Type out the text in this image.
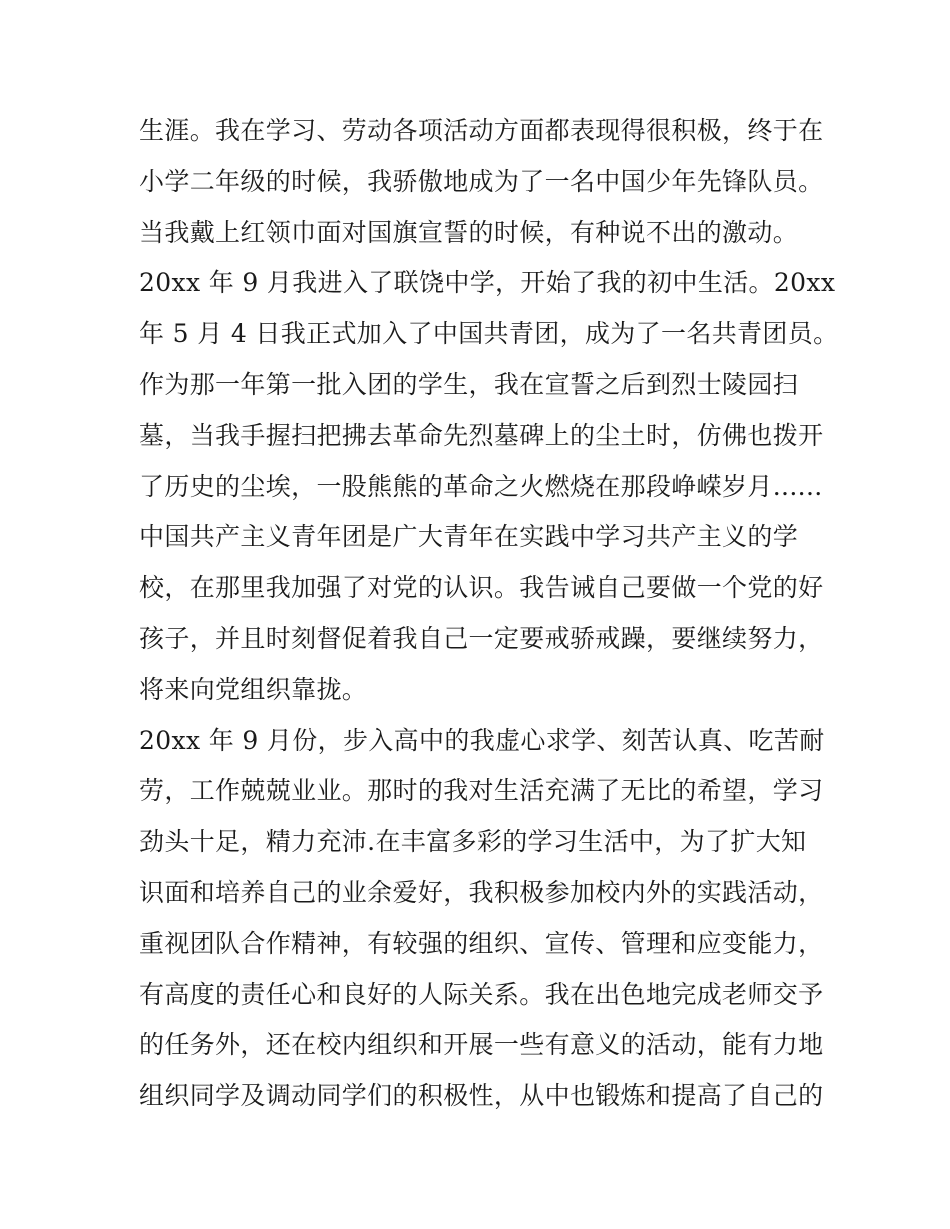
生涯。我在学习、劳动各项活动方面都表现得很积极，终于在
小学二年级的时候，我骄傲地成为了一名中国少年先锋队员。
当我戴上红领巾面对国旗宣誓的时候，有种说不出的激动。
20xx 年 9 月我进入了联饶中学，开始了我的初中生活。20xx
年 5 月 4 日我正式加入了中国共青团，成为了一名共青团员。
作为那一年第一批入团的学生，我在宣誓之后到烈士陵园扫
墓，当我手握扫把拂去革命先烈墓碑上的尘土时，仿佛也拨开
了历史的尘埃，一股熊熊的革命之火燃烧在那段峥嵘岁月......
中国共产主义青年团是广大青年在实践中学习共产主义的学
校，在那里我加强了对党的认识。我告诫自己要做一个党的好
孩子，并且时刻督促着我自己一定要戒骄戒躁，要继续努力，
将来向党组织靠拢。
20xx 年 9 月份，步入高中的我虚心求学、刻苦认真、吃苦耐
劳，工作兢兢业业。那时的我对生活充满了无比的希望，学习
劲头十足，精力充沛.在丰富多彩的学习生活中，为了扩大知
识面和培养自己的业余爱好，我积极参加校内外的实践活动，
重视团队合作精神，有较强的组织、宣传、管理和应变能力，
有高度的责任心和良好的人际关系。我在出色地完成老师交予
的任务外，还在校内组织和开展一些有意义的活动，能有力地
组织同学及调动同学们的积极性，从中也锻炼和提高了自己的
